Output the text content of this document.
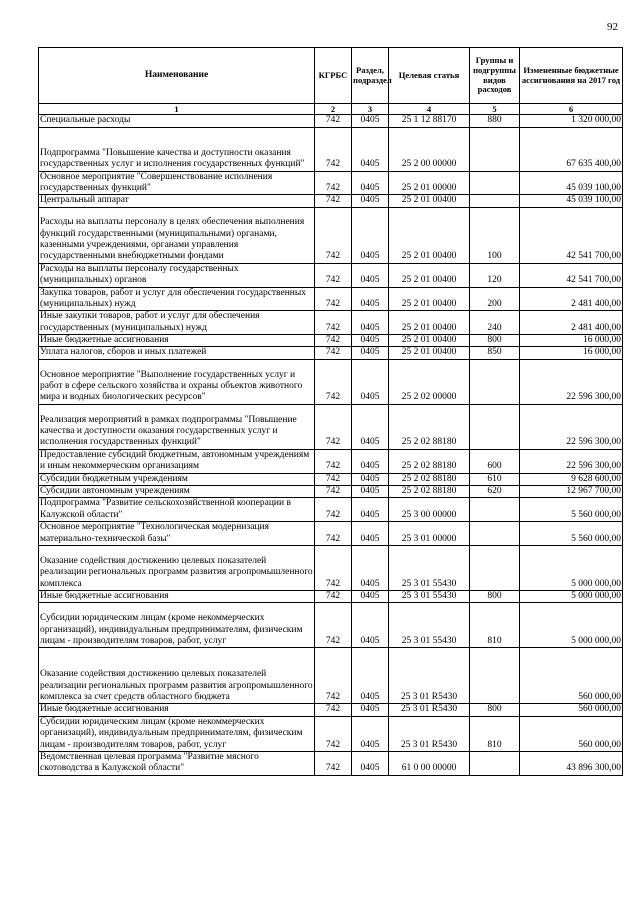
92
Наименование	КГРБС	Раздел, подраздел	Целевая статья	Группы и подгруппы видов расходов	Измененные бюджетные ассигнования на 2017 год
1	2	3	4	5	6
Специальные расходы	742	0405	25 1 12 88170	880	1 320 000,00
Подпрограмма "Повышение качества и доступности оказания государственных услуг и исполнения государственных функций"	742	0405	25 2 00 00000		67 635 400,00
Основное мероприятие "Совершенствование исполнения государственных функций"	742	0405	25 2 01 00000		45 039 100,00
Центральный аппарат	742	0405	25 2 01 00400		45 039 100,00
Расходы на выплаты персоналу в целях обеспечения выполнения функций государственными (муниципальными) органами, казенными учреждениями, органами управления государственными внебюджетными фондами	742	0405	25 2 01 00400	100	42 541 700,00
Расходы на выплаты персоналу государственных (муниципальных) органов	742	0405	25 2 01 00400	120	42 541 700,00
Закупка товаров, работ и услуг для обеспечения государственных (муниципальных) нужд	742	0405	25 2 01 00400	200	2 481 400,00
Иные закупки товаров, работ и услуг для обеспечения государственных (муниципальных) нужд	742	0405	25 2 01 00400	240	2 481 400,00
Иные бюджетные ассигнования	742	0405	25 2 01 00400	800	16 000,00
Уплата налогов, сборов и иных платежей	742	0405	25 2 01 00400	850	16 000,00
Основное мероприятие "Выполнение государственных услуг и работ в сфере сельского хозяйства и охраны объектов животного мира и водных биологических ресурсов"	742	0405	25 2 02 00000		22 596 300,00
Реализация мероприятий в рамках подпрограммы "Повышение качества и доступности оказания государственных услуг и исполнения государственных функций"	742	0405	25 2 02 88180		22 596 300,00
Предоставление субсидий бюджетным, автономным учреждениям и иным некоммерческим организациям	742	0405	25 2 02 88180	600	22 596 300,00
Субсидии бюджетным учреждениям	742	0405	25 2 02 88180	610	9 628 600,00
Субсидии автономным учреждениям	742	0405	25 2 02 88180	620	12 967 700,00
Подпрограмма "Развитие сельскохозяйственной кооперации в Калужской области"	742	0405	25 3 00 00000		5 560 000,00
Основное мероприятие "Технологическая модернизация материально-технической базы"	742	0405	25 3 01 00000		5 560 000,00
Оказание содействия достижению целевых показателей реализации региональных программ развития агропромышленного комплекса	742	0405	25 3 01 55430		5 000 000,00
Иные бюджетные ассигнования	742	0405	25 3 01 55430	800	5 000 000,00
Субсидии юридическим лицам (кроме некоммерческих организаций), индивидуальным предпринимателям, физическим лицам - производителям товаров, работ, услуг	742	0405	25 3 01 55430	810	5 000 000,00
Оказание содействия достижению целевых показателей реализации региональных программ развития агропромышленного комплекса за счет средств областного бюджета	742	0405	25 3 01 R5430		560 000,00
Иные бюджетные ассигнования	742	0405	25 3 01 R5430	800	560 000,00
Субсидии юридическим лицам (кроме некоммерческих организаций), индивидуальным предпринимателям, физическим лицам - производителям товаров, работ, услуг	742	0405	25 3 01 R5430	810	560 000,00
Ведомственная целевая программа "Развитие мясного скотоводства в Калужской области"	742	0405	61 0 00 00000		43 896 300,00
